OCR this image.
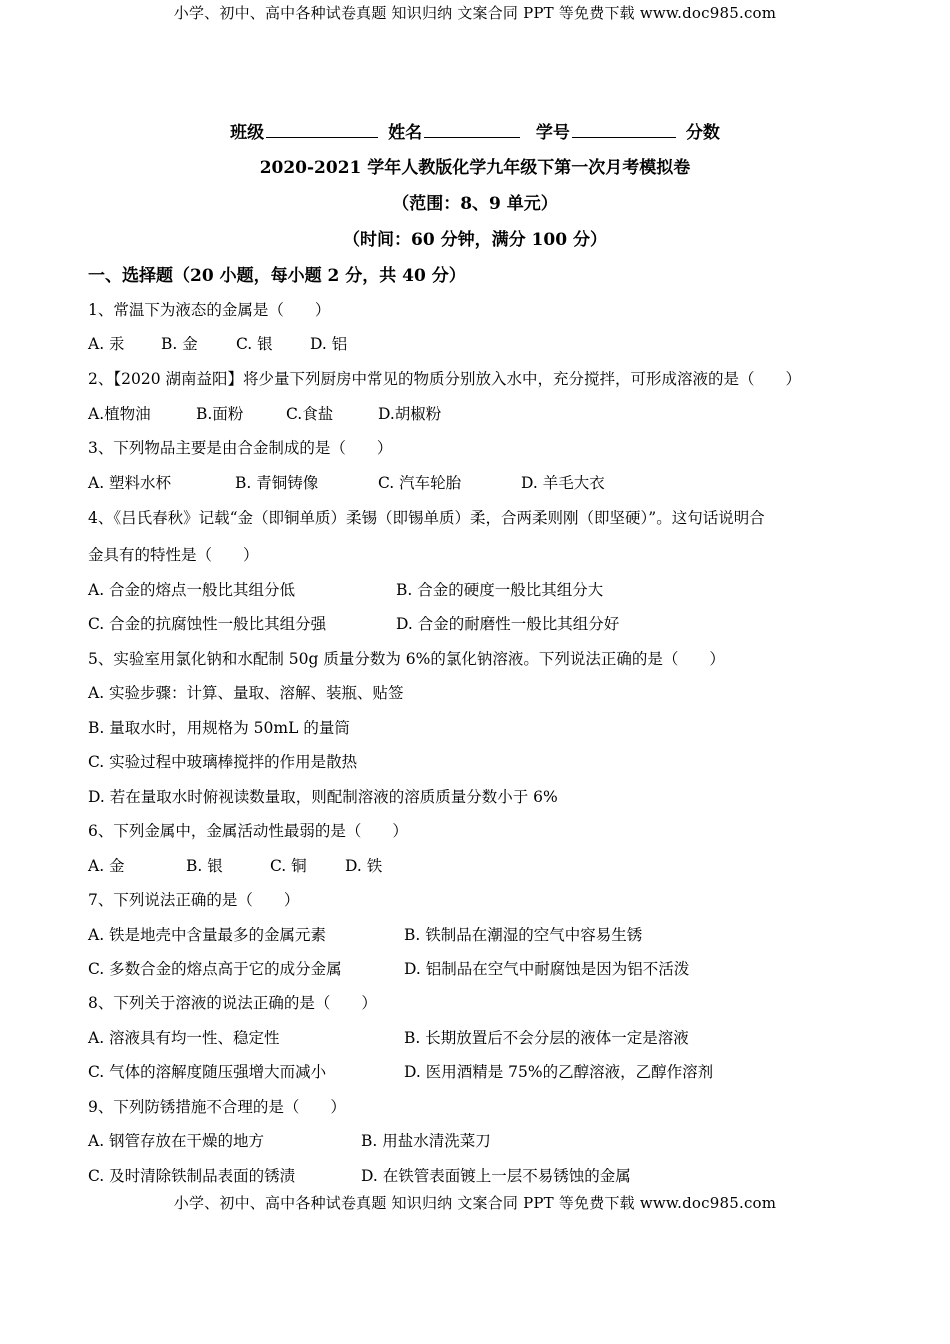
小学、初中、高中各种试卷真题 知识归纳 文案合同 PPT 等免费下载 www.doc985.com
班级	姓名	学号	分数
2020-2021 学年人教版化学九年级下第一次月考模拟卷
（范围：8、9 单元）
（时间：60 分钟，满分 100 分）
一、选择题（20 小题，每小题 2 分，共 40 分）
1、常温下为液态的金属是（　　）
A. 汞 B. 金 C. 银 D. 铝
2、【2020 湖南益阳】将少量下列厨房中常见的物质分别放入水中，充分搅拌，可形成溶液的是（　　）
A.植物油	B.面粉	C.食盐	D.胡椒粉
3、下列物品主要是由合金制成的是（　　）
A. 塑料水杯	B. 青铜铸像	C. 汽车轮胎	D. 羊毛大衣
4、《吕氏春秋》记载“金（即铜单质）柔锡（即锡单质）柔，合两柔则刚（即坚硬）”。这句话说明合
金具有的特性是（　　）
A. 合金的熔点一般比其组分低	B. 合金的硬度一般比其组分大
C. 合金的抗腐蚀性一般比其组分强	D. 合金的耐磨性一般比其组分好
5、实验室用氯化钠和水配制 50g 质量分数为 6%的氯化钠溶液。下列说法正确的是（　　）
A. 实验步骤：计算、量取、溶解、装瓶、贴签
B. 量取水时，用规格为 50mL 的量筒
C. 实验过程中玻璃棒搅拌的作用是散热
D. 若在量取水时俯视读数量取，则配制溶液的溶质质量分数小于 6%
6、下列金属中，金属活动性最弱的是（　　）
A. 金	B. 银	C. 铜 D. 铁
7、下列说法正确的是（　　）
A. 铁是地壳中含量最多的金属元素	B. 铁制品在潮湿的空气中容易生锈
C. 多数合金的熔点高于它的成分金属	D. 铝制品在空气中耐腐蚀是因为铝不活泼
8、下列关于溶液的说法正确的是（　　）
A. 溶液具有均一性、稳定性	B. 长期放置后不会分层的液体一定是溶液
C. 气体的溶解度随压强增大而减小	D. 医用酒精是 75%的乙醇溶液，乙醇作溶剂
9、下列防锈措施不合理的是（　　）
A. 钢管存放在干燥的地方	B. 用盐水清洗菜刀
C. 及时清除铁制品表面的锈渍	D. 在铁管表面镀上一层不易锈蚀的金属
小学、初中、高中各种试卷真题 知识归纳 文案合同 PPT 等免费下载 www.doc985.com
